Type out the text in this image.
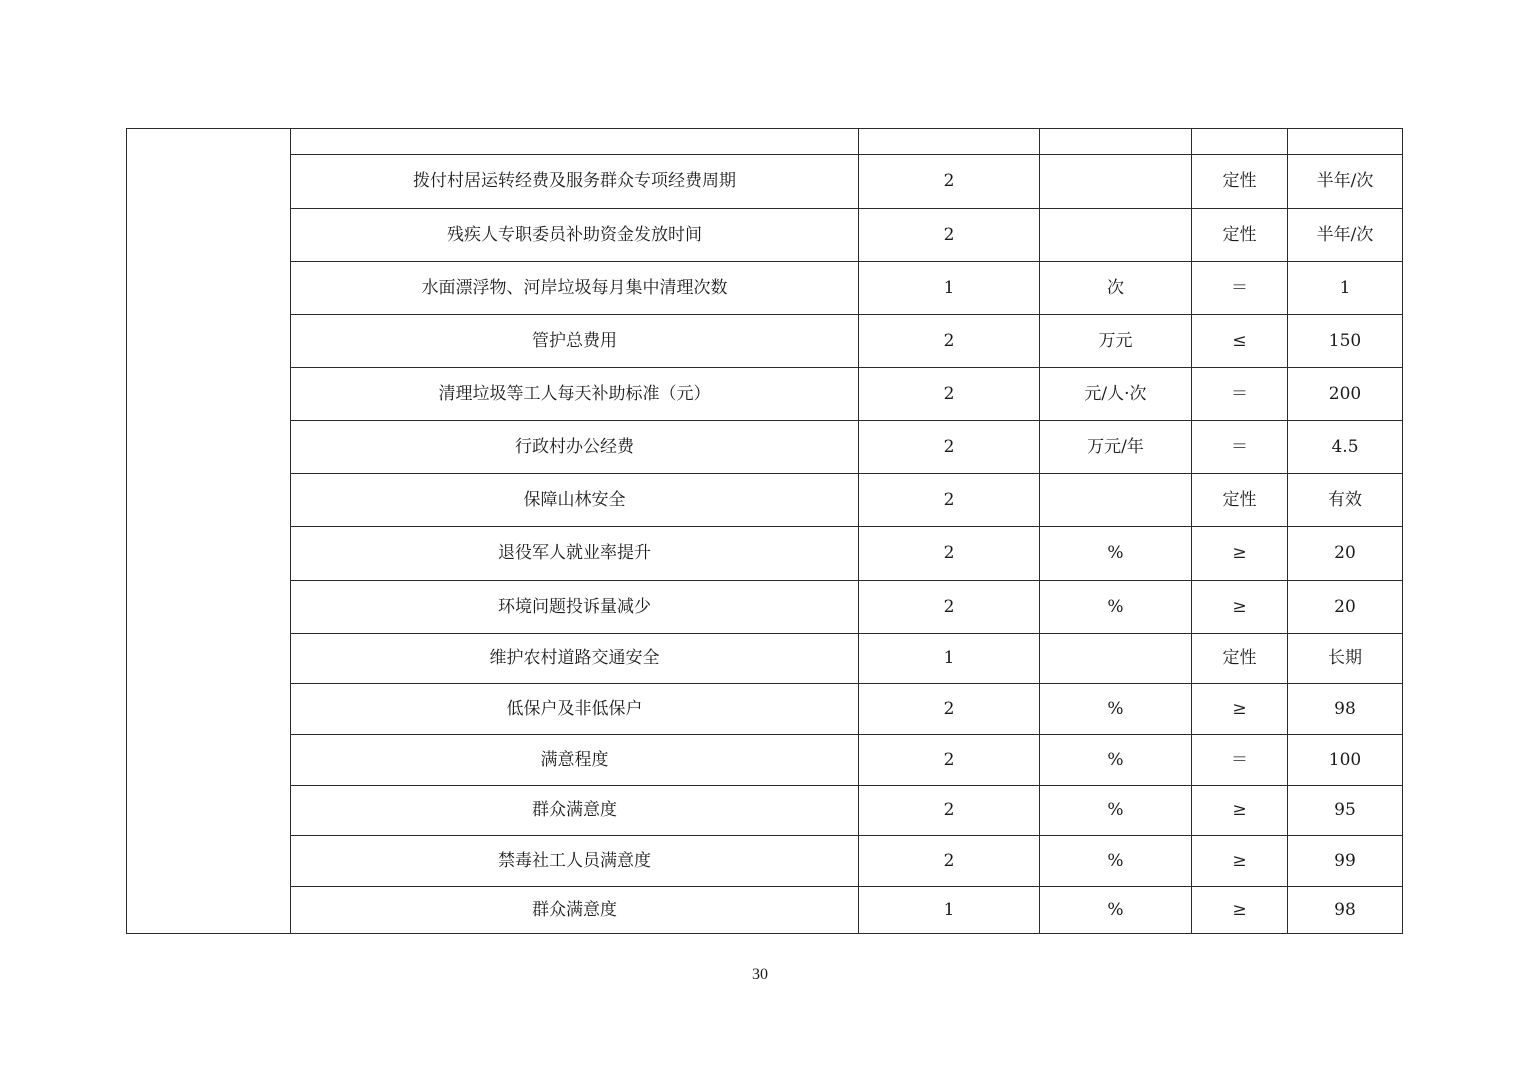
	拨付村居运转经费及服务群众专项经费周期	2		定性	半年/次
	残疾人专职委员补助资金发放时间	2		定性	半年/次
	水面漂浮物、河岸垃圾每月集中清理次数	1	次	＝	1
	管护总费用	2	万元	≤	150
	清理垃圾等工人每天补助标准（元）	2	元/人·次	＝	200
	行政村办公经费	2	万元/年	＝	4.5
	保障山林安全	2		定性	有效
	退役军人就业率提升	2	%	≥	20
	环境问题投诉量减少	2	%	≥	20
	维护农村道路交通安全	1		定性	长期
	低保户及非低保户	2	%	≥	98
	满意程度	2	%	＝	100
	群众满意度	2	%	≥	95
	禁毒社工人员满意度	2	%	≥	99
	群众满意度	1	%	≥	98
30
